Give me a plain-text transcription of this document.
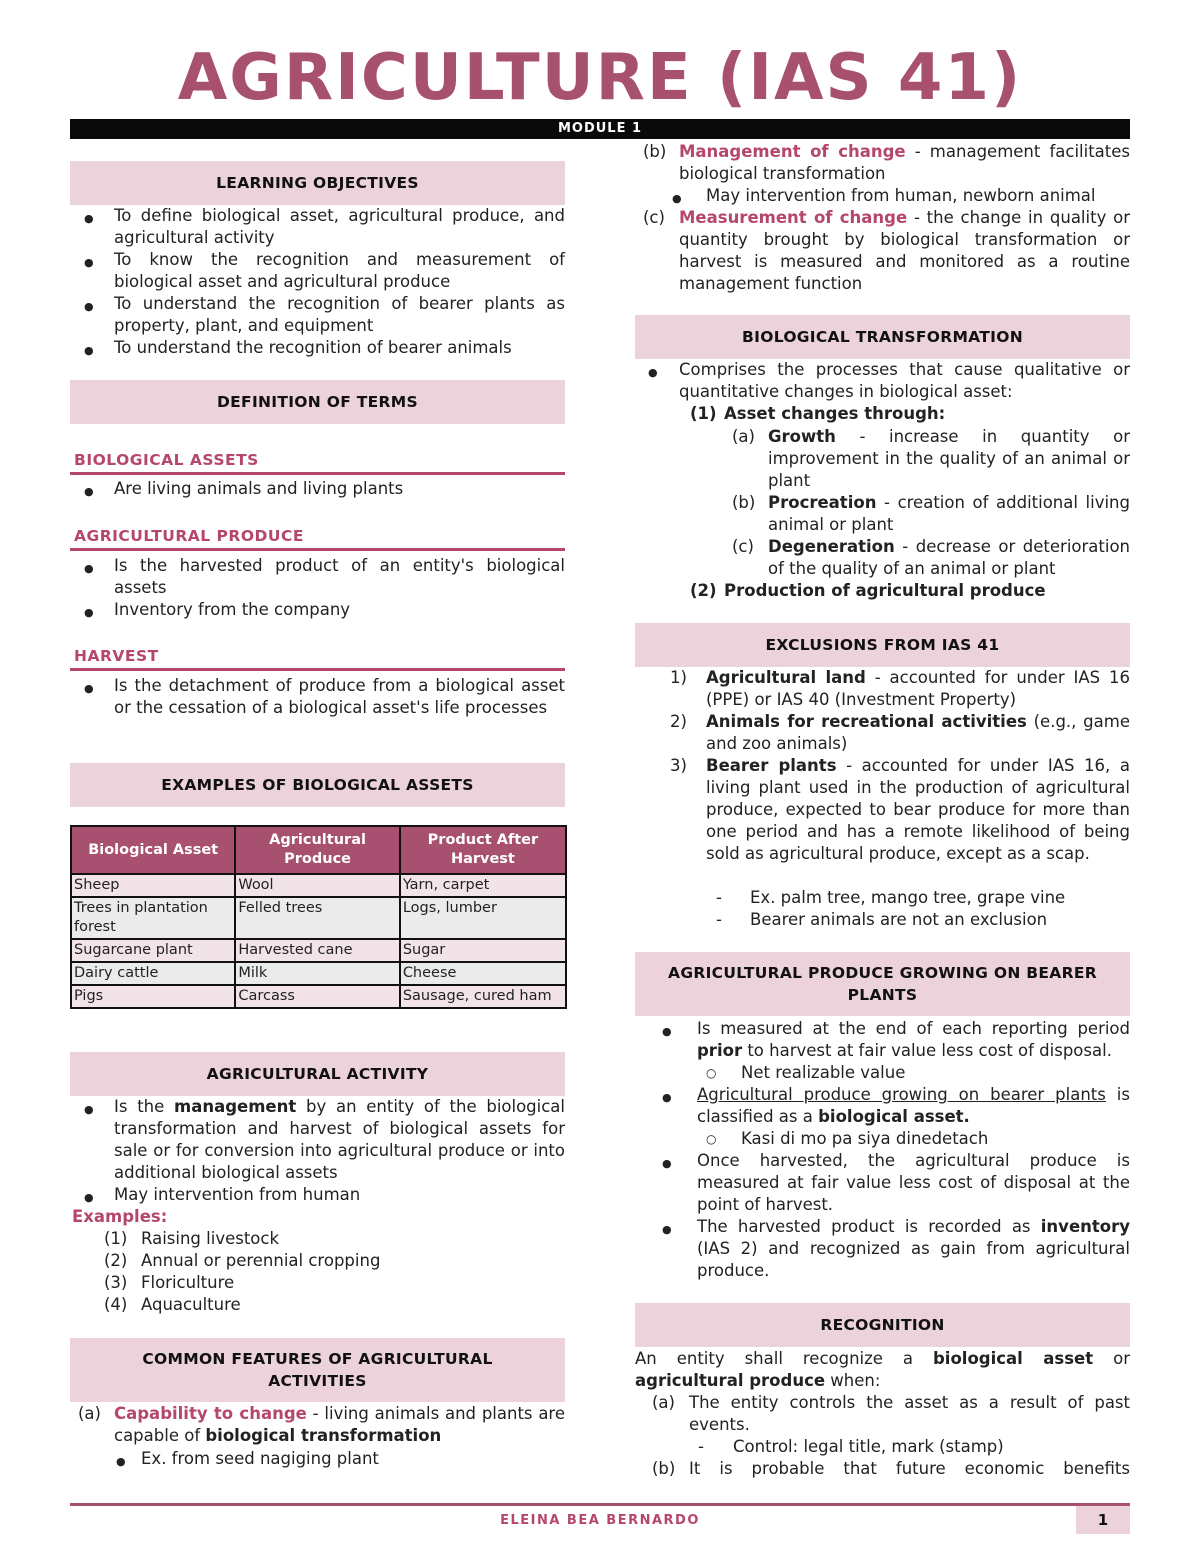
AGRICULTURE (IAS 41)
MODULE 1
LEARNING OBJECTIVES
● To define biological asset, agricultural produce, and agricultural activity
● To know the recognition and measurement of biological asset and agricultural produce
● To understand the recognition of bearer plants as property, plant, and equipment
● To understand the recognition of bearer animals
DEFINITION OF TERMS
BIOLOGICAL ASSETS
● Are living animals and living plants
AGRICULTURAL PRODUCE
● Is the harvested product of an entity's biological assets
● Inventory from the company
HARVEST
● Is the detachment of produce from a biological asset or the cessation of a biological asset's life processes
EXAMPLES OF BIOLOGICAL ASSETS
Biological Asset	Agricultural Produce	Product After Harvest
Sheep	Wool	Yarn, carpet
Trees in plantation forest	Felled trees	Logs, lumber
Sugarcane plant	Harvested cane	Sugar
Dairy cattle	Milk	Cheese
Pigs	Carcass	Sausage, cured ham
AGRICULTURAL ACTIVITY
● Is the management by an entity of the biological transformation and harvest of biological assets for sale or for conversion into agricultural produce or into additional biological assets
● May intervention from human
Examples:
(1) Raising livestock
(2) Annual or perennial cropping
(3) Floriculture
(4) Aquaculture
COMMON FEATURES OF AGRICULTURAL ACTIVITIES
(a) Capability to change - living animals and plants are capable of biological transformation
● Ex. from seed nagiging plant
(b) Management of change - management facilitates biological transformation
● May intervention from human, newborn animal
(c) Measurement of change - the change in quality or quantity brought by biological transformation or harvest is measured and monitored as a routine management function
BIOLOGICAL TRANSFORMATION
● Comprises the processes that cause qualitative or quantitative changes in biological asset:
(1) Asset changes through:
(a) Growth - increase in quantity or improvement in the quality of an animal or plant
(b) Procreation - creation of additional living animal or plant
(c) Degeneration - decrease or deterioration of the quality of an animal or plant
(2) Production of agricultural produce
EXCLUSIONS FROM IAS 41
1) Agricultural land - accounted for under IAS 16 (PPE) or IAS 40 (Investment Property)
2) Animals for recreational activities (e.g., game and zoo animals)
3) Bearer plants - accounted for under IAS 16, a living plant used in the production of agricultural produce, expected to bear produce for more than one period and has a remote likelihood of being sold as agricultural produce, except as a scap.
- Ex. palm tree, mango tree, grape vine
- Bearer animals are not an exclusion
AGRICULTURAL PRODUCE GROWING ON BEARER PLANTS
● Is measured at the end of each reporting period prior to harvest at fair value less cost of disposal.
○ Net realizable value
● Agricultural produce growing on bearer plants is classified as a biological asset.
○ Kasi di mo pa siya dinedetach
● Once harvested, the agricultural produce is measured at fair value less cost of disposal at the point of harvest.
● The harvested product is recorded as inventory (IAS 2) and recognized as gain from agricultural produce.
RECOGNITION
An entity shall recognize a biological asset or agricultural produce when:
(a) The entity controls the asset as a result of past events.
- Control: legal title, mark (stamp)
(b) It is probable that future economic benefits
ELEINA BEA BERNARDO	1
